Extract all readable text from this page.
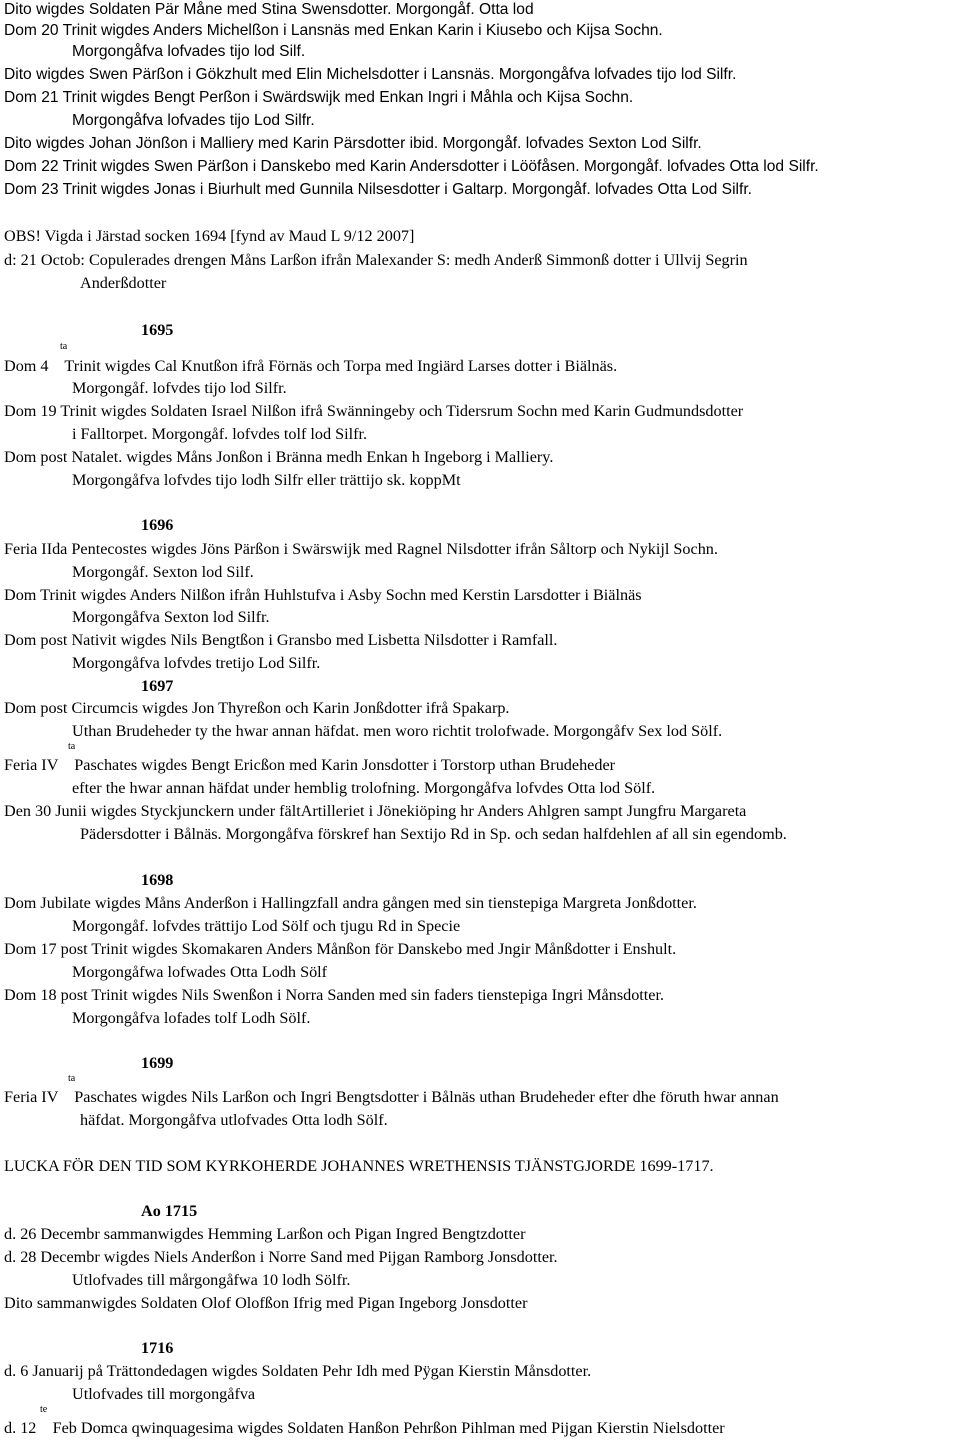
Dito wigdes Soldaten Pär Måne med Stina Swensdotter. Morgongåf. Otta lod
Dom 20 Trinit wigdes Anders Michelßon i Lansnäs med Enkan Karin i Kiusebo och Kijsa Sochn.
Morgongåfva lofvades tijo lod Silf.
Dito wigdes Swen Pärßon i Gökzhult med Elin Michelsdotter i Lansnäs. Morgongåfva lofvades tijo lod Silfr.
Dom 21 Trinit wigdes Bengt Perßon i Swärdswijk med Enkan Ingri i Måhla och Kijsa Sochn.
Morgongåfva lofvades tijo Lod Silfr.
Dito wigdes Johan Jönßon i Malliery med Karin Pärsdotter ibid. Morgongåf. lofvades Sexton Lod Silfr.
Dom 22 Trinit wigdes Swen Pärßon i Danskebo med Karin Andersdotter i Lööfåsen. Morgongåf. lofvades Otta lod Silfr.
Dom 23 Trinit wigdes Jonas i Biurhult med Gunnila Nilsesdotter i Galtarp. Morgongåf. lofvades Otta Lod Silfr.
OBS! Vigda i Järstad socken 1694 [fynd av Maud L 9/12 2007]
d: 21 Octob: Copulerades drengen Måns Larßon ifrån Malexander S: medh Anderß Simmonß dotter i Ullvij Segrin
Anderßdotter
1695
ta
Dom 4    Trinit wigdes Cal Knutßon ifrå Förnäs och Torpa med Ingiärd Larses dotter i Biälnäs.
Morgongåf. lofvdes tijo lod Silfr.
Dom 19 Trinit wigdes Soldaten Israel Nilßon ifrå Swänningeby och Tidersrum Sochn med Karin Gudmundsdotter
i Falltorpet. Morgongåf. lofvdes tolf lod Silfr.
Dom post Natalet. wigdes Måns Jonßon i Bränna medh Enkan h Ingeborg i Malliery.
Morgongåfva lofvdes tijo lodh Silfr eller trättijo sk. koppMt
1696
Feria IIda Pentecostes wigdes Jöns Pärßon i Swärswijk med Ragnel Nilsdotter ifrån Såltorp och Nykijl Sochn.
Morgongåf. Sexton lod Silf.
Dom Trinit wigdes Anders Nilßon ifrån Huhlstufva i Asby Sochn med Kerstin Larsdotter i Biälnäs
Morgongåfva Sexton lod Silfr.
Dom post Nativit wigdes Nils Bengtßon i Gransbo med Lisbetta Nilsdotter i Ramfall.
Morgongåfva lofvdes tretijo Lod Silfr.
1697
Dom post Circumcis wigdes Jon Thyreßon och Karin Jonßdotter ifrå Spakarp.
Uthan Brudeheder ty the hwar annan häfdat. men woro richtit trolofwade. Morgongåfv Sex lod Sölf.
ta
Feria IV    Paschates wigdes Bengt Ericßon med Karin Jonsdotter i Torstorp uthan Brudeheder
efter the hwar annan häfdat under hemblig trolofning. Morgongåfva lofvdes Otta lod Sölf.
Den 30 Junii wigdes Styckjunckern under fältArtilleriet i Jönekiöping hr Anders Ahlgren sampt Jungfru Margareta
Pädersdotter i Bålnäs. Morgongåfva förskref han Sextijo Rd in Sp. och sedan halfdehlen af all sin egendomb.
1698
Dom Jubilate wigdes Måns Anderßon i Hallingzfall andra gången med sin tienstepiga Margreta Jonßdotter.
Morgongåf. lofvdes trättijo Lod Sölf och tjugu Rd in Specie
Dom 17 post Trinit wigdes Skomakaren Anders Månßon för Danskebo med Jngir Månßdotter i Enshult.
Morgongåfwa lofwades Otta Lodh Sölf
Dom 18 post Trinit wigdes Nils Swenßon i Norra Sanden med sin faders tienstepiga Ingri Månsdotter.
Morgongåfva lofades tolf Lodh Sölf.
1699
ta
Feria IV    Paschates wigdes Nils Larßon och Ingri Bengtsdotter i Bålnäs uthan Brudeheder efter dhe föruth hwar annan
häfdat. Morgongåfva utlofvades Otta lodh Sölf.
LUCKA FÖR DEN TID SOM KYRKOHERDE JOHANNES WRETHENSIS TJÄNSTGJORDE 1699-1717.
Ao 1715
d. 26 Decembr sammanwigdes Hemming Larßon och Pigan Ingred Bengtzdotter
d. 28 Decembr wigdes Niels Anderßon i Norre Sand med Pijgan Ramborg Jonsdotter.
Utlofvades till mårgongåfwa 10 lodh Sölfr.
Dito sammanwigdes Soldaten Olof Olofßon Ifrig med Pigan Ingeborg Jonsdotter
1716
d. 6 Januarij på Trättondedagen wigdes Soldaten Pehr Idh med Pÿgan Kierstin Månsdotter.
Utlofvades till morgongåfva
te
d. 12    Feb Domca qwinquagesima wigdes Soldaten Hanßon Pehrßon Pihlman med Pijgan Kierstin Nielsdotter
